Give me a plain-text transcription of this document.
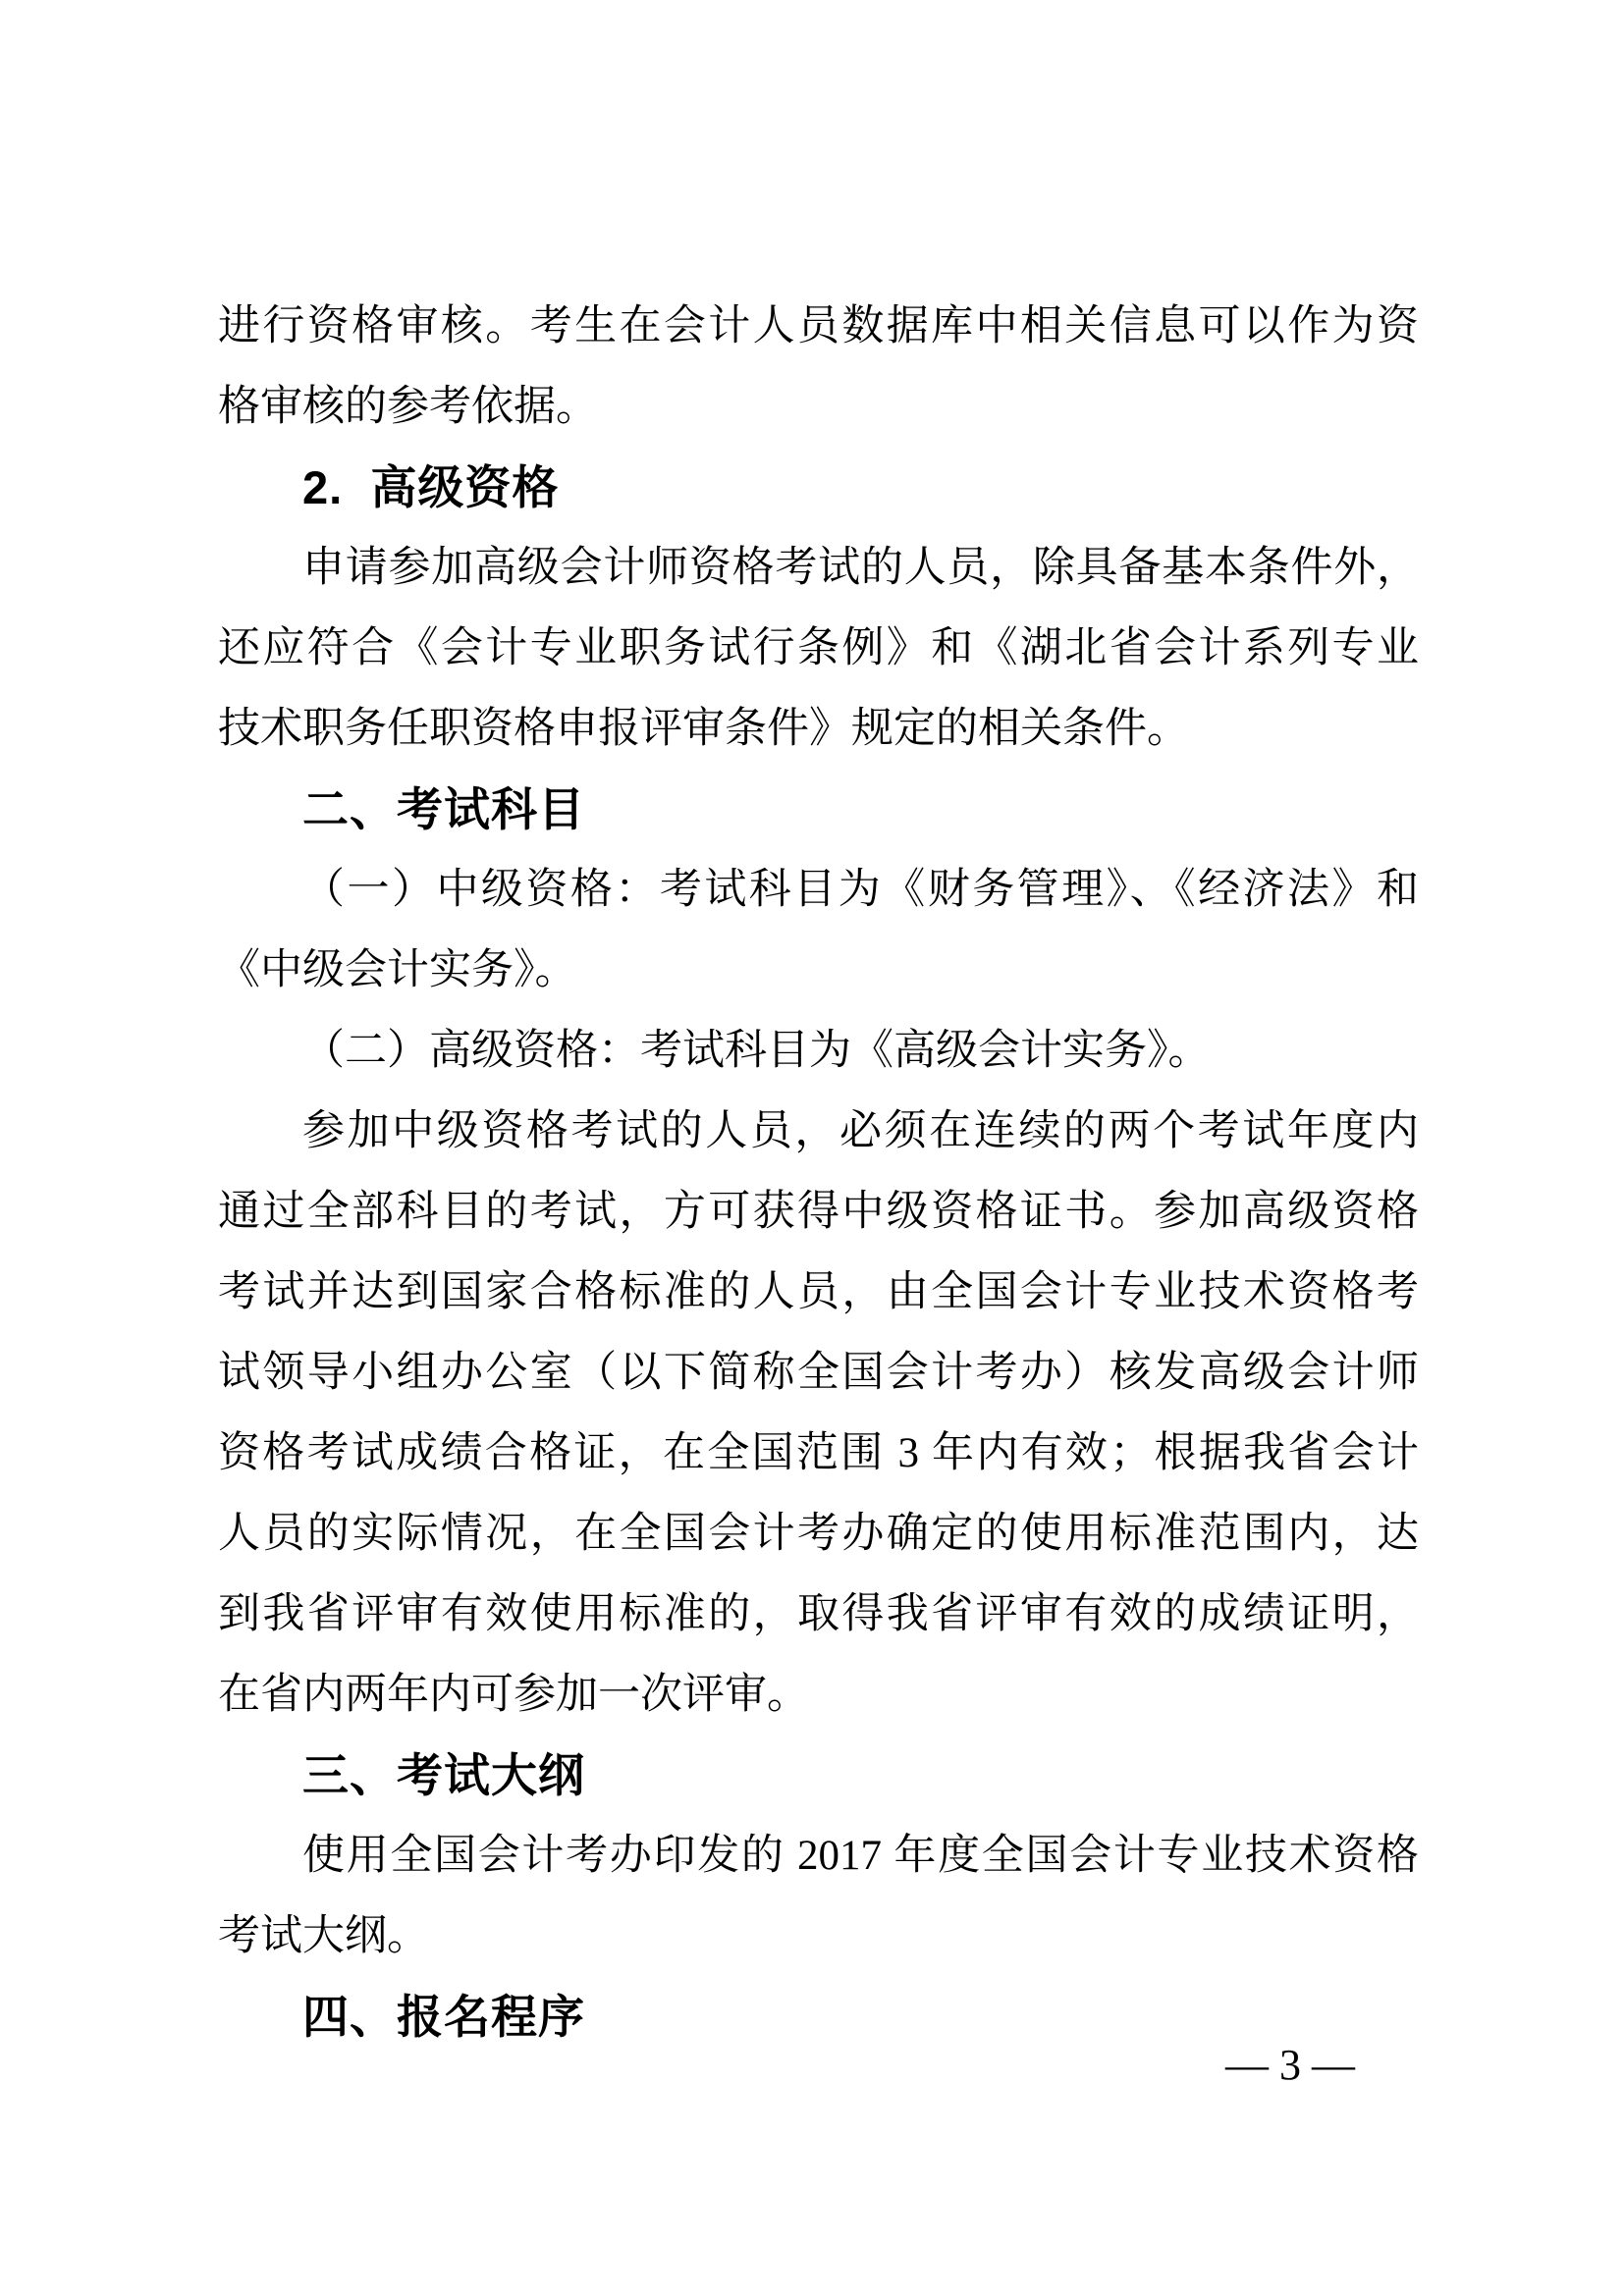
进行资格审核。考生在会计人员数据库中相关信息可以作为资
格审核的参考依据。
2.  高级资格
申请参加高级会计师资格考试的人员，除具备基本条件外，
还应符合《会计专业职务试行条例》和《湖北省会计系列专业
技术职务任职资格申报评审条件》规定的相关条件。
二、考试科目
（一）中级资格：考试科目为《财务管理》、《经济法》和
《中级会计实务》。
（二）高级资格：考试科目为《高级会计实务》。
参加中级资格考试的人员，必须在连续的两个考试年度内
通过全部科目的考试，方可获得中级资格证书。参加高级资格
考试并达到国家合格标准的人员，由全国会计专业技术资格考
试领导小组办公室（以下简称全国会计考办）核发高级会计师
资格考试成绩合格证，在全国范围 3 年内有效；根据我省会计
人员的实际情况，在全国会计考办确定的使用标准范围内，达
到我省评审有效使用标准的，取得我省评审有效的成绩证明，
在省内两年内可参加一次评审。
三、考试大纲
使用全国会计考办印发的 2017 年度全国会计专业技术资格
考试大纲。
四、报名程序
— 3 —
